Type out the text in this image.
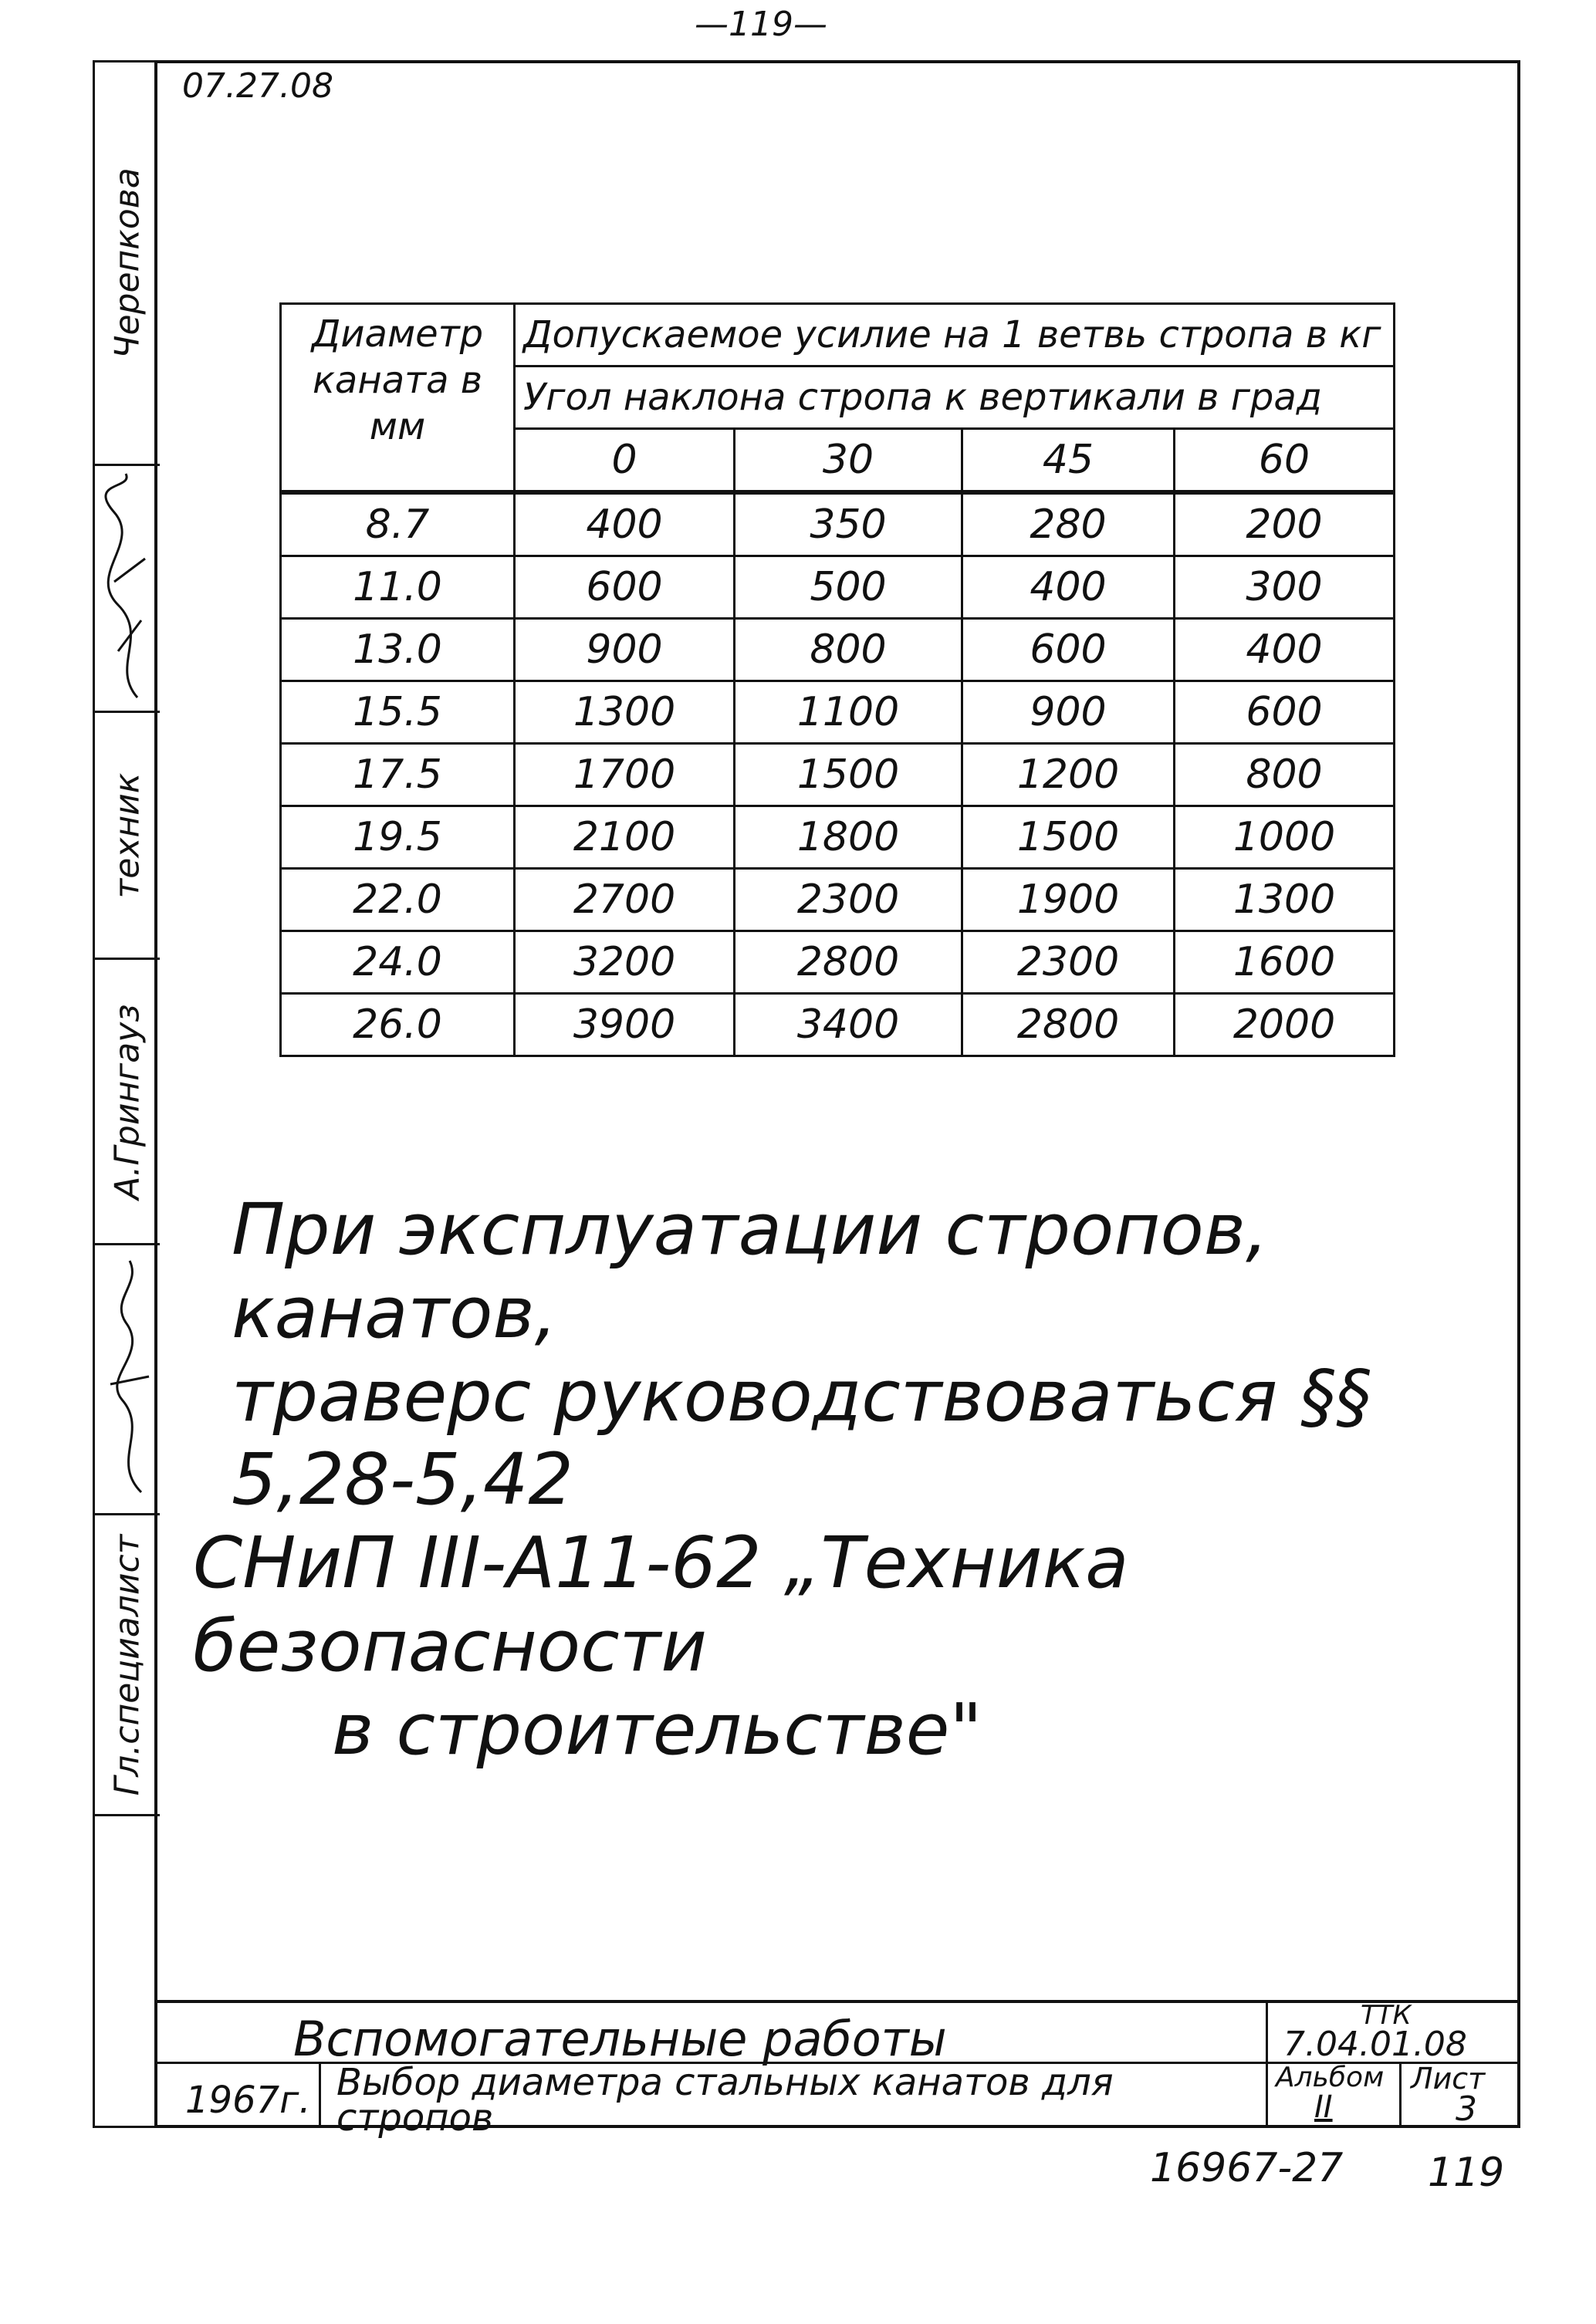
—119—
Черепкова
техник
А.Грингауз
Гл.специалист
07.27.08
Диаметр каната в мм	Допускаемое усилие на 1 ветвь стропа в кг			
	Угол наклона стропа к вертикали в град			
	0	30	45	60
8.7	400	350	280	200
11.0	600	500	400	300
13.0	900	800	600	400
15.5	1300	1100	900	600
17.5	1700	1500	1200	800
19.5	2100	1800	1500	1000
22.0	2700	2300	1900	1300
24.0	3200	2800	2300	1600
26.0	3900	3400	2800	2000
При эксплуатации стропов, канатов,
траверс руководствоваться §§ 5,28-5,42
СНиП III-А11-62 „Техника безопасности
в строительстве"
Вспомогательные работы	ТТК
7.04.01.08
1967г. Выбор диаметра стальных канатов для стропов
Альбом
II
Лист
3
16967-27 119
